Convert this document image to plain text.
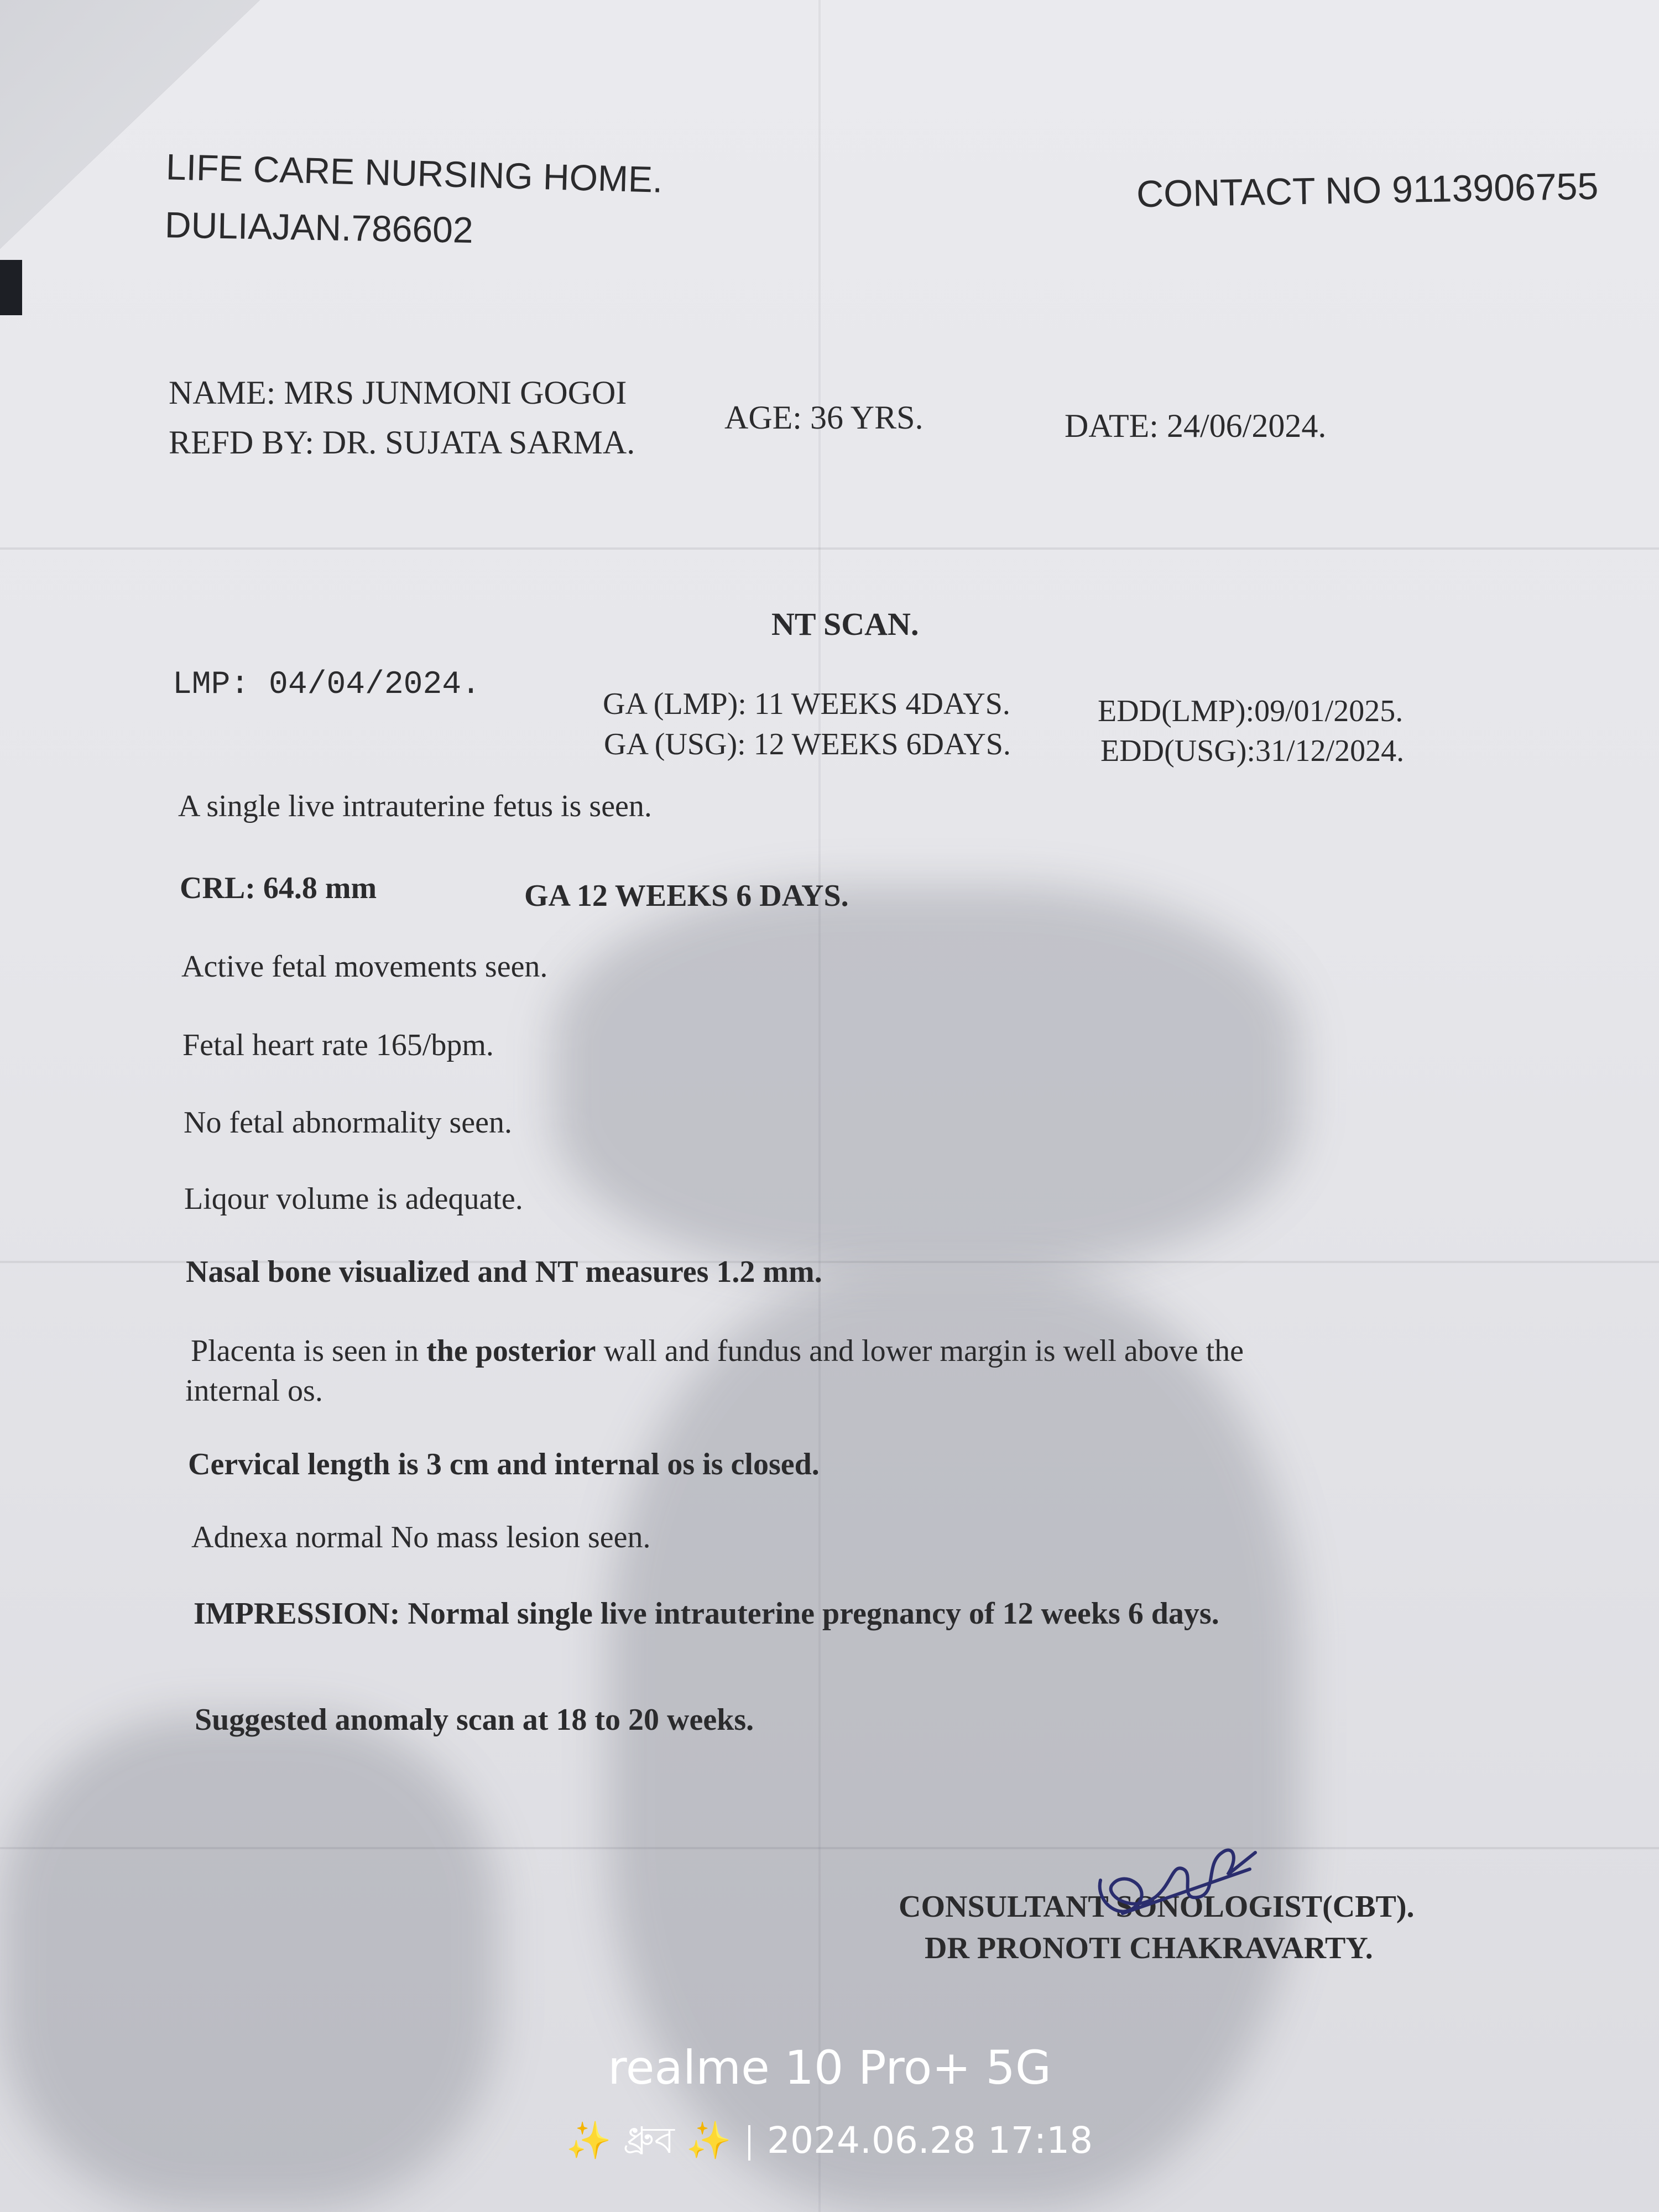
LIFE CARE NURSING HOME.
DULIAJAN.786602
CONTACT NO 9113906755
NAME: MRS JUNMONI GOGOI
REFD BY: DR. SUJATA SARMA.
AGE: 36 YRS.	DATE: 24/06/2024.
NT SCAN.
LMP: 04/04/2024.
GA (LMP): 11 WEEKS 4DAYS.
GA (USG): 12 WEEKS 6DAYS.
EDD(LMP):09/01/2025.
EDD(USG):31/12/2024.
A single live intrauterine fetus is seen.
CRL: 64.8 mm	GA 12 WEEKS 6 DAYS.
Active fetal movements seen.
Fetal heart rate 165/bpm.
No fetal abnormality seen.
Liqour volume is adequate.
Nasal bone visualized and NT measures 1.2 mm.
Placenta is seen in the posterior wall and fundus and lower margin is well above the
internal os.
Cervical length is 3 cm and internal os is closed.
Adnexa normal No mass lesion seen.
IMPRESSION: Normal single live intrauterine pregnancy of 12 weeks 6 days.
Suggested anomaly scan at 18 to 20 weeks.
CONSULTANT SONOLOGIST(CBT).
DR PRONOTI CHAKRAVARTY.
realme 10 Pro+ 5G
✨ ধ্রুব ✨ 2024.06.28 17:18
